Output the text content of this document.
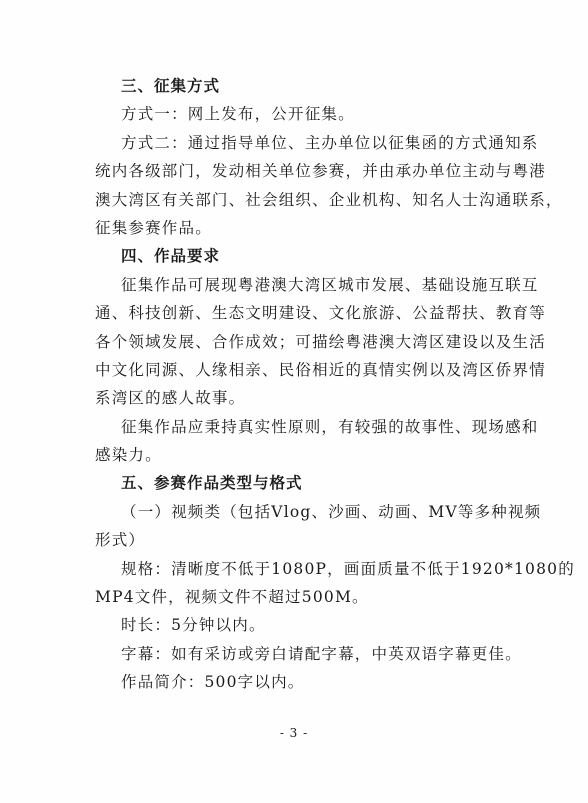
三、征集方式
方式一：网上发布，公开征集。
方式二：通过指导单位、主办单位以征集函的方式通知系
统内各级部门，发动相关单位参赛，并由承办单位主动与粤港
澳大湾区有关部门、社会组织、企业机构、知名人士沟通联系，
征集参赛作品。
四、作品要求
征集作品可展现粤港澳大湾区城市发展、基础设施互联互
通、科技创新、生态文明建设、文化旅游、公益帮扶、教育等
各个领域发展、合作成效；可描绘粤港澳大湾区建设以及生活
中文化同源、人缘相亲、民俗相近的真情实例以及湾区侨界情
系湾区的感人故事。
征集作品应秉持真实性原则，有较强的故事性、现场感和
感染力。
五、参赛作品类型与格式
（一）视频类（包括Vlog、沙画、动画、MV等多种视频
形式）
规格：清晰度不低于1080P，画面质量不低于1920*1080的
MP4文件，视频文件不超过500M。
时长：5分钟以内。
字幕：如有采访或旁白请配字幕，中英双语字幕更佳。
作品简介：500字以内。
- 3 -
